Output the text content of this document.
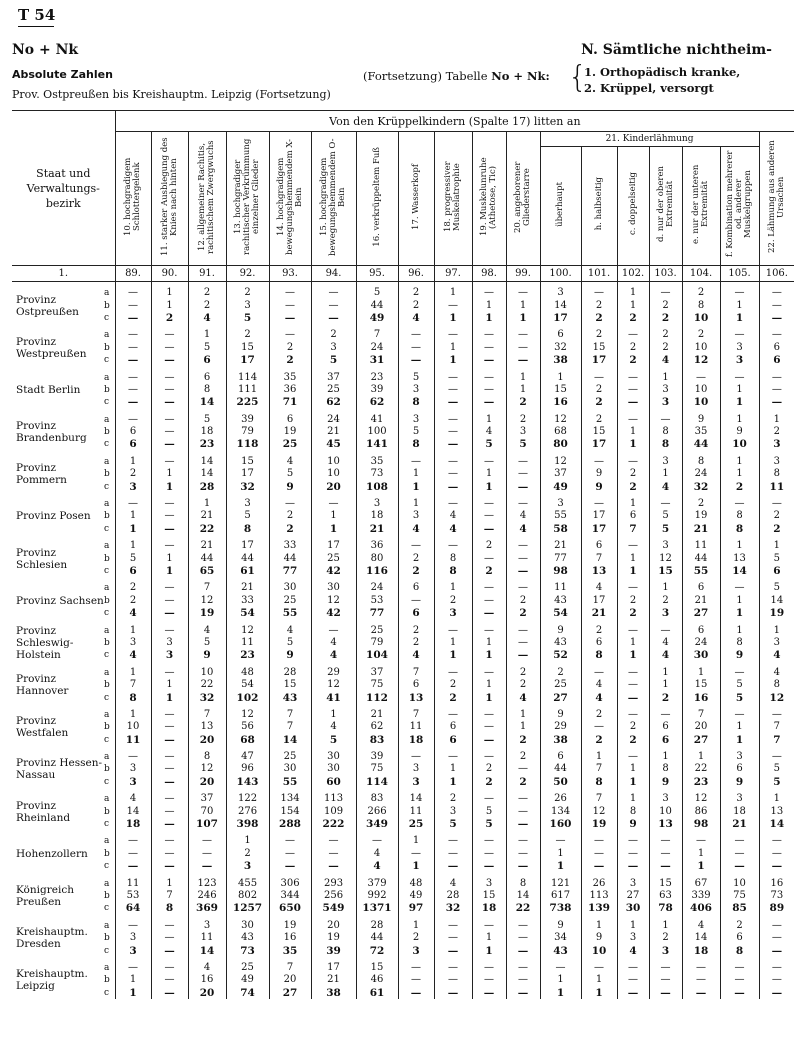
T 54
No + Nk
Absolute Zahlen
Prov. Ostpreußen bis Kreishauptm. Leipzig (Fortsetzung)
N. Sämtliche nichtheim-
(Fortsetzung) Tabelle No + Nk: {
1. Orthopädisch kranke,
2. Krüppel, versorgt
Staat und Verwaltungs-bezirk		Von den Krüppelkindern (Spalte 17) litten an																	
		10. hochgradigem Schlottergelenk	11. starker Ausbiegung des Knies nach hinten	12. allgemeiner Rachitis, rachitischem Zwergwuchs	13. hochgradiger rachitischer Verkrümmung einzelner Glieder	14. hochgradigem bewegungshemmendem X-Bein	15. hochgradigem bewegungshemmendem O-Bein	16. verkrüppeltem Fuß	17. Wasserkopf	18. progressiver Muskelatrophie	19. Muskelunruhe (Athetose, Tic)	20. angeborener Gliederstarre	21. Kinderlähmung						22. Lähmung aus anderen Ursachen
													überhaupt	h. halbseitig	c. doppelseitig	d. nur der oberen Extremität	e. nur der unteren Extremität	f. Kombination mehrerer od. anderer Muskelgruppen	
1.		89.	90.	91.	92.	93.	94.	95.	96.	97.	98.	99.	100.	101.	102.	103.	104.	105.	106.

Provinz Ostpreußen	a	—	1	2	2	—	—	5	2	1	—	—	3	—	1	—	2	—	—
	b	—	1	2	3	—	—	44	2	—	1	1	14	2	1	2	8	1	—
	c	—	2	4	5	—	—	49	4	1	1	1	17	2	2	2	10	1	—

Provinz Westpreußen	a	—	—	1	2	—	2	7	—	—	—	—	6	2	—	2	2	—	—
	b	—	—	5	15	2	3	24	—	1	—	—	32	15	2	2	10	3	6
	c	—	—	6	17	2	5	31	—	1	—	—	38	17	2	4	12	3	6

Stadt Berlin	a	—	—	6	114	35	37	23	5	—	—	1	1	—	—	1	—	—	—
	b	—	—	8	111	36	25	39	3	—	—	1	15	2	—	3	10	1	—
	c	—	—	14	225	71	62	62	8	—	—	2	16	2	—	3	10	1	—

Provinz Brandenburg	a	—	—	5	39	6	24	41	3	—	1	2	12	2	—	—	9	1	1
	b	6	—	18	79	19	21	100	5	—	4	3	68	15	1	8	35	9	2
	c	6	—	23	118	25	45	141	8	—	5	5	80	17	1	8	44	10	3

Provinz Pommern	a	1	—	14	15	4	10	35	—	—	—	—	12	—	—	3	8	1	3
	b	2	1	14	17	5	10	73	1	—	1	—	37	9	2	1	24	1	8
	c	3	1	28	32	9	20	108	1	—	1	—	49	9	2	4	32	2	11

Provinz Posen	a	—	—	1	3	—	—	3	1	—	—	—	3	—	1	—	2	—	—
	b	1	—	21	5	2	1	18	3	4	—	4	55	17	6	5	19	8	2
	c	1	—	22	8	2	1	21	4	4	—	4	58	17	7	5	21	8	2

Provinz Schlesien	a	1	—	21	17	33	17	36	—	—	2	—	21	6	—	3	11	1	1
	b	5	1	44	44	44	25	80	2	8	—	—	77	7	1	12	44	13	5
	c	6	1	65	61	77	42	116	2	8	2	—	98	13	1	15	55	14	6

Provinz Sachsen	a	2	—	7	21	30	30	24	6	1	—	—	11	4	—	1	6	—	5
	b	2	—	12	33	25	12	53	—	2	—	2	43	17	2	2	21	1	14
	c	4	—	19	54	55	42	77	6	3	—	2	54	21	2	3	27	1	19

Provinz Schleswig-Holstein	a	1	—	4	12	4	—	25	2	—	—	—	9	2	—	—	6	1	1
	b	3	3	5	11	5	4	79	2	1	1	—	43	6	1	4	24	8	3
	c	4	3	9	23	9	4	104	4	1	1	—	52	8	1	4	30	9	4

Provinz Hannover	a	1	—	10	48	28	29	37	7	—	—	2	2	—	—	1	1	—	4
	b	7	1	22	54	15	12	75	6	2	1	2	25	4	—	1	15	5	8
	c	8	1	32	102	43	41	112	13	2	1	4	27	4	—	2	16	5	12

Provinz Westfalen	a	1	—	7	12	7	1	21	7	—	—	1	9	2	—	—	7	—	—
	b	10	—	13	56	7	4	62	11	6	—	1	29	—	2	6	20	1	7
	c	11	—	20	68	14	5	83	18	6	—	2	38	2	2	6	27	1	7

Provinz Hessen-Nassau	a	—	—	8	47	25	30	39	—	—	—	2	6	1	—	1	1	3	—
	b	3	—	12	96	30	30	75	3	1	2	—	44	7	1	8	22	6	5
	c	3	—	20	143	55	60	114	3	1	2	2	50	8	1	9	23	9	5

Provinz Rheinland	a	4	—	37	122	134	113	83	14	2	—	—	26	7	1	3	12	3	1
	b	14	—	70	276	154	109	266	11	3	5	—	134	12	8	10	86	18	13
	c	18	—	107	398	288	222	349	25	5	5	—	160	19	9	13	98	21	14

Hohenzollern	a	—	—	—	1	—	—	—	1	—	—	—	—	—	—	—	—	—	—
	b	—	—	—	2	—	—	4	—	—	—	—	1	—	—	—	1	—	—
	c	—	—	—	3	—	—	4	1	—	—	—	1	—	—	—	1	—	—

Königreich Preußen	a	11	1	123	455	306	293	379	48	4	3	8	121	26	3	15	67	10	16
	b	53	7	246	802	344	256	992	49	28	15	14	617	113	27	63	339	75	73
	c	64	8	369	1257	650	549	1371	97	32	18	22	738	139	30	78	406	85	89

Kreishauptm. Dresden	a	—	—	3	30	19	20	28	1	—	—	—	9	1	1	1	4	2	—
	b	3	—	11	43	16	19	44	2	—	1	—	34	9	3	2	14	6	—
	c	3	—	14	73	35	39	72	3	—	1	—	43	10	4	3	18	8	—

Kreishauptm. Leipzig	a	—	—	4	25	7	17	15	—	—	—	—	—	—	—	—	—	—	—
	b	1	—	16	49	20	21	46	—	—	—	—	1	1	—	—	—	—	—
	c	1	—	20	74	27	38	61	—	—	—	—	1	1	—	—	—	—	—
